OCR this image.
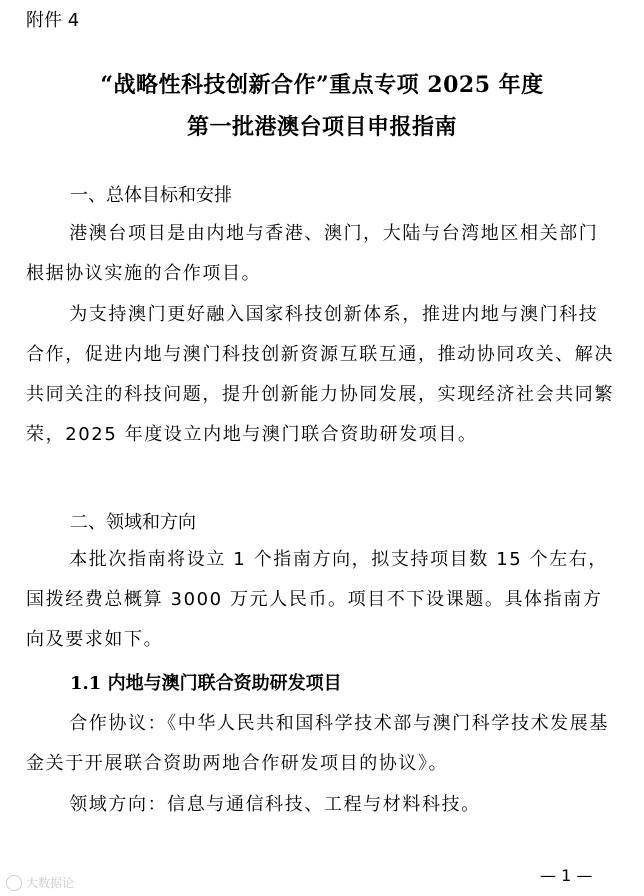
附件 4
“战略性科技创新合作”重点专项 2025 年度
第一批港澳台项目申报指南
一、总体目标和安排

港澳台项目是由内地与香港、澳门，大陆与台湾地区相关部门根据协议实施的合作项目。

为支持澳门更好融入国家科技创新体系，推进内地与澳门科技合作，促进内地与澳门科技创新资源互联互通，推动协同攻关、解决共同关注的科技问题，提升创新能力协同发展，实现经济社会共同繁荣，2025 年度设立内地与澳门联合资助研发项目。

二、领域和方向

本批次指南将设立 1 个指南方向，拟支持项目数 15 个左右，国拨经费总概算 3000 万元人民币。项目不下设课题。具体指南方向及要求如下。

1.1 内地与澳门联合资助研发项目

合作协议：《中华人民共和国科学技术部与澳门科学技术发展基金关于开展联合资助两地合作研发项目的协议》。

领域方向：信息与通信科技、工程与材料科技。

— 1 —
大数据论
